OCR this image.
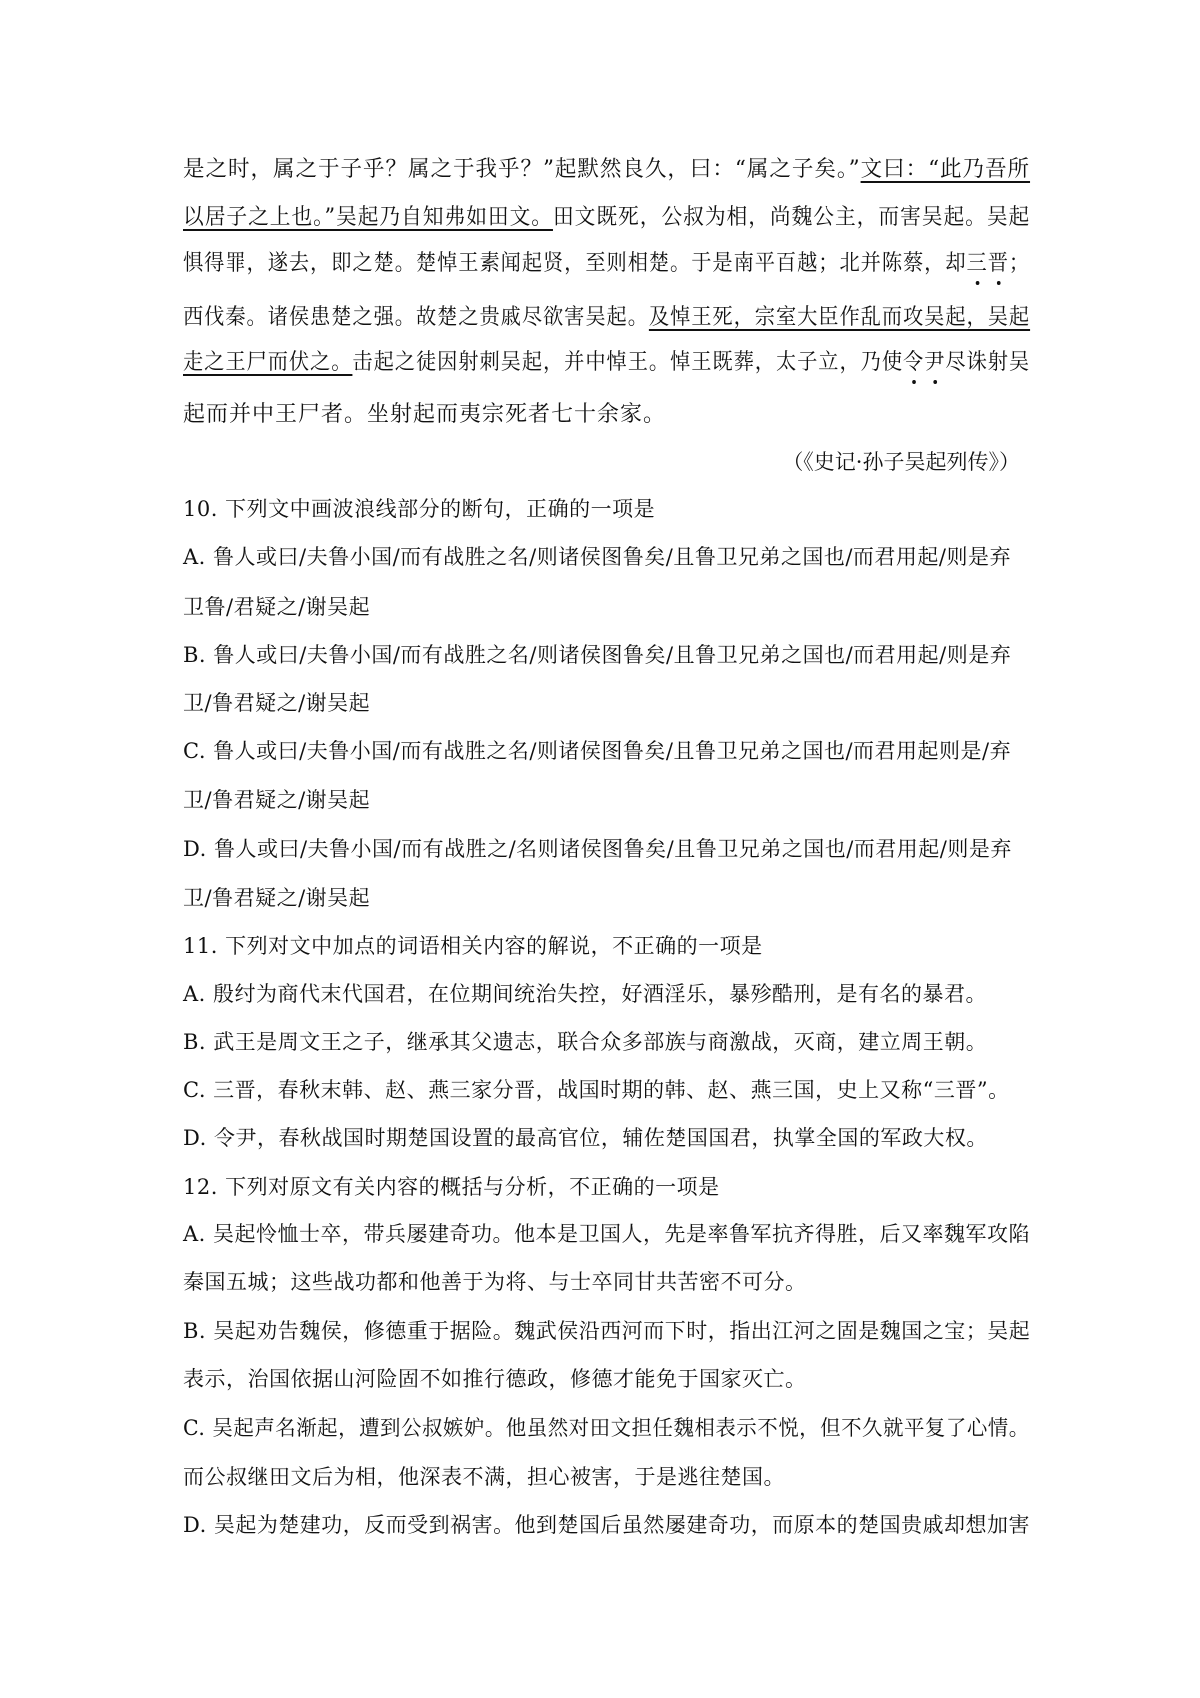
是之时，属之于子乎？属之于我乎？”起默然良久，曰：“属之子矣。”文曰：“此乃吾所
以居子之上也。”吴起乃自知弗如田文。田文既死，公叔为相，尚魏公主，而害吴起。吴起
惧得罪，遂去，即之楚。楚悼王素闻起贤，至则相楚。于是南平百越；北并陈蔡，却三晋；
西伐秦。诸侯患楚之强。故楚之贵戚尽欲害吴起。及悼王死，宗室大臣作乱而攻吴起，吴起
走之王尸而伏之。击起之徒因射刺吴起，并中悼王。悼王既葬，太子立，乃使令尹尽诛射吴
起而并中王尸者。坐射起而夷宗死者七十余家。
（《史记·孙子吴起列传》）
10. 下列文中画波浪线部分的断句，正确的一项是
A. 鲁人或曰/夫鲁小国/而有战胜之名/则诸侯图鲁矣/且鲁卫兄弟之国也/而君用起/则是弃
卫鲁/君疑之/谢吴起
B. 鲁人或曰/夫鲁小国/而有战胜之名/则诸侯图鲁矣/且鲁卫兄弟之国也/而君用起/则是弃
卫/鲁君疑之/谢吴起
C. 鲁人或曰/夫鲁小国/而有战胜之名/则诸侯图鲁矣/且鲁卫兄弟之国也/而君用起则是/弃
卫/鲁君疑之/谢吴起
D. 鲁人或曰/夫鲁小国/而有战胜之/名则诸侯图鲁矣/且鲁卫兄弟之国也/而君用起/则是弃
卫/鲁君疑之/谢吴起
11. 下列对文中加点的词语相关内容的解说，不正确的一项是
A. 殷纣为商代末代国君，在位期间统治失控，好酒淫乐，暴殄酷刑，是有名的暴君。
B. 武王是周文王之子，继承其父遗志，联合众多部族与商激战，灭商，建立周王朝。
C. 三晋，春秋末韩、赵、燕三家分晋，战国时期的韩、赵、燕三国，史上又称“三晋”。
D. 令尹，春秋战国时期楚国设置的最高官位，辅佐楚国国君，执掌全国的军政大权。
12. 下列对原文有关内容的概括与分析，不正确的一项是
A. 吴起怜恤士卒，带兵屡建奇功。他本是卫国人，先是率鲁军抗齐得胜，后又率魏军攻陷
秦国五城；这些战功都和他善于为将、与士卒同甘共苦密不可分。
B. 吴起劝告魏侯，修德重于据险。魏武侯沿西河而下时，指出江河之固是魏国之宝；吴起
表示，治国依据山河险固不如推行德政，修德才能免于国家灭亡。
C. 吴起声名渐起，遭到公叔嫉妒。他虽然对田文担任魏相表示不悦，但不久就平复了心情。
而公叔继田文后为相，他深表不满，担心被害，于是逃往楚国。
D. 吴起为楚建功，反而受到祸害。他到楚国后虽然屡建奇功，而原本的楚国贵戚却想加害
